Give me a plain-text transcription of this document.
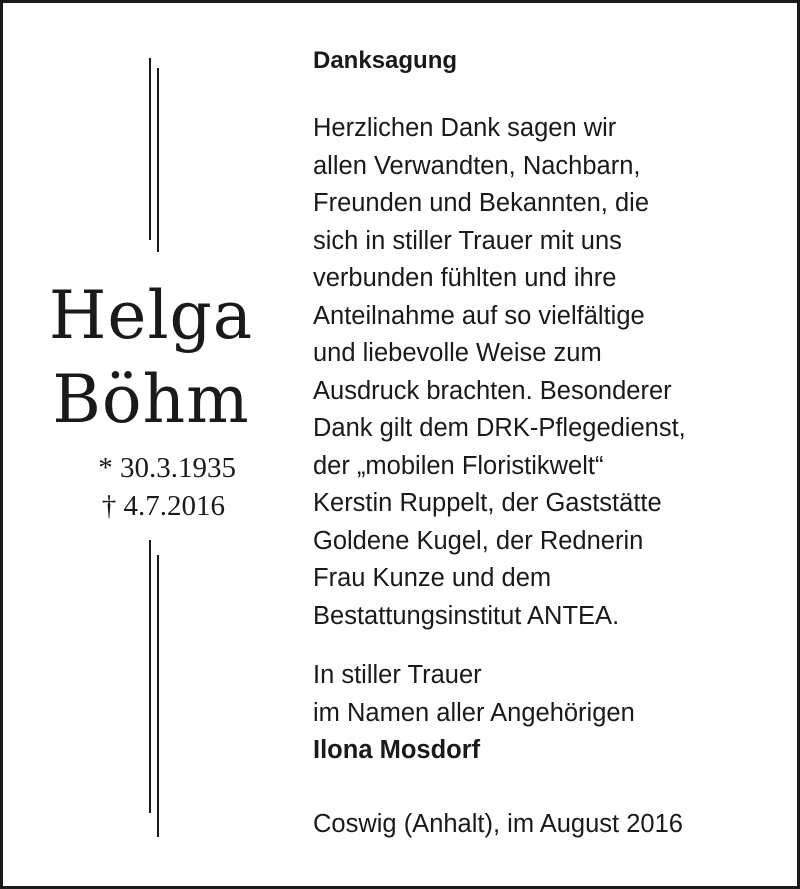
Helga
Böhm
* 30.3.1935
† 4.7.2016
Danksagung
Herzlichen Dank sagen wir
allen Verwandten, Nachbarn,
Freunden und Bekannten, die
sich in stiller Trauer mit uns
verbunden fühlten und ihre
Anteilnahme auf so vielfältige
und liebevolle Weise zum
Ausdruck brachten. Besonderer
Dank gilt dem DRK-Pflegedienst,
der „mobilen Floristikwelt“
Kerstin Ruppelt, der Gaststätte
Goldene Kugel, der Rednerin
Frau Kunze und dem
Bestattungsinstitut ANTEA.
In stiller Trauer
im Namen aller Angehörigen
Ilona Mosdorf
Coswig (Anhalt), im August 2016
